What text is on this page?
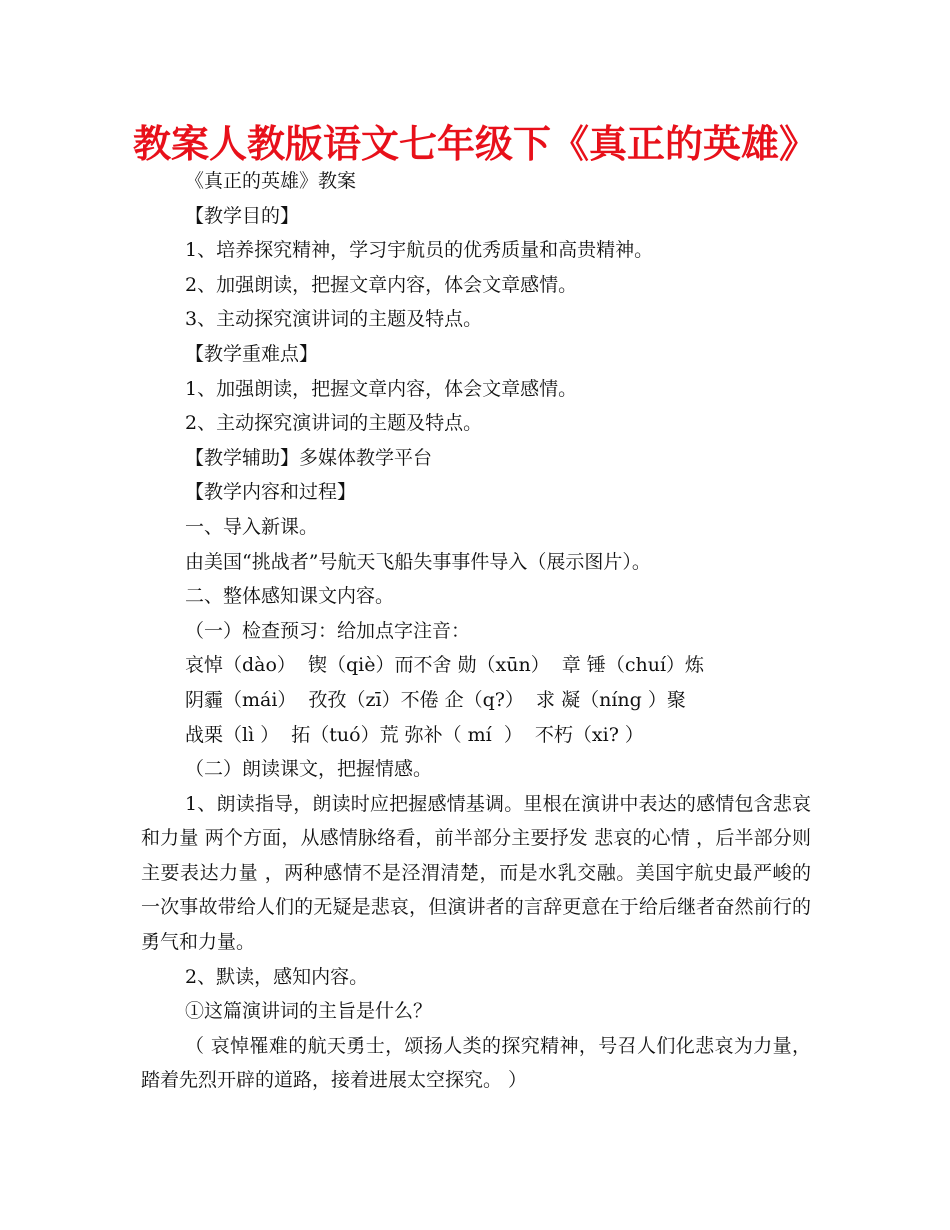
教案人教版语文七年级下《真正的英雄》

《真正的英雄》教案

【教学目的】

1、培养探究精神，学习宇航员的优秀质量和高贵精神。

2、加强朗读，把握文章内容，体会文章感情。

3、主动探究演讲词的主题及特点。

【教学重难点】

1、加强朗读，把握文章内容，体会文章感情。

2、主动探究演讲词的主题及特点。

【教学辅助】多媒体教学平台

【教学内容和过程】

一、导入新课。

由美国“挑战者”号航天飞船失事事件导入（展示图片）。

二、整体感知课文内容。

（一）检查预习：给加点字注音：

哀悼（dào）  锲（qiè）而不舍 勋（xūn）  章 锤（chuí）炼

阴霾（mái）  孜孜（zī）不倦 企（q?）  求 凝（níng ）聚

战栗（lì ）  拓（tuó）荒 弥补（ mí  ）  不朽（xi? ）

（二）朗读课文，把握情感。

1、朗读指导，朗读时应把握感情基调。里根在演讲中表达的感情包含悲哀和力量 两个方面，从感情脉络看，前半部分主要抒发 悲哀的心情 ，后半部分则主要表达力量 ，两种感情不是泾渭清楚，而是水乳交融。美国宇航史最严峻的一次事故带给人们的无疑是悲哀，但演讲者的言辞更意在于给后继者奋然前行的勇气和力量。

2、默读，感知内容。

①这篇演讲词的主旨是什么？

（ 哀悼罹难的航天勇士，颂扬人类的探究精神，号召人们化悲哀为力量，踏着先烈开辟的道路，接着进展太空探究。 ）
